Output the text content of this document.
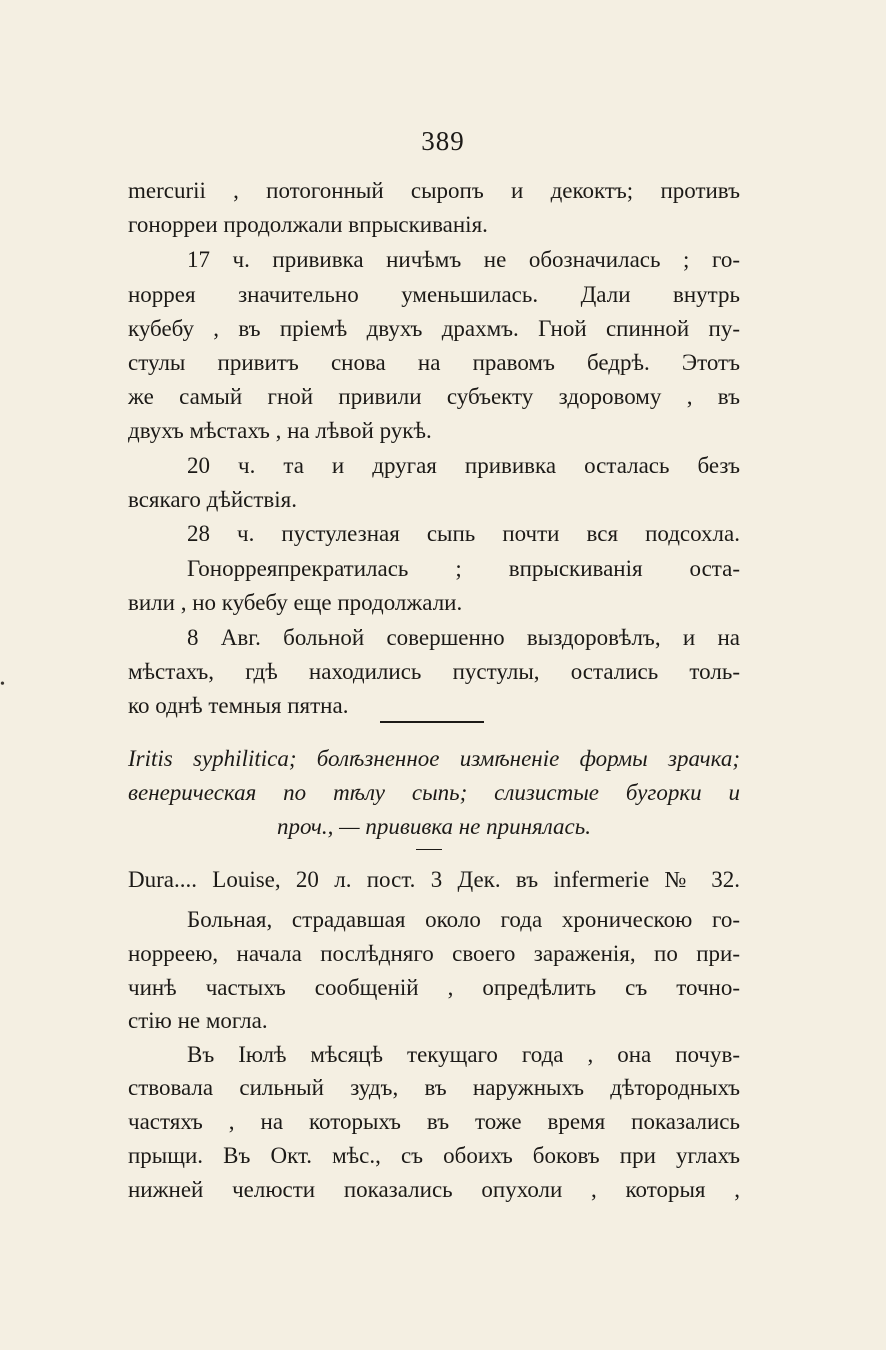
389
mercurii , потогонный сыропъ и декоктъ; противъ
гонорреи продолжали впрыскиванія.
17 ч. прививка ничѣмъ не обозначилась ; го-
норрея значительно уменьшилась. Дали внутрь
кубебу , въ пріемѣ двухъ драхмъ. Гной спинной пу-
стулы привитъ снова на правомъ бедрѣ. Этотъ
же самый гной привили субъекту здоровому , въ
двухъ мѣстахъ , на лѣвой рукѣ.
20 ч. та и другая прививка осталась безъ
всякаго дѣйствія.
28 ч. пустулезная сыпь почти вся подсохла.
Гонорреяпрекратилась ; впрыскиванія оста-
вили , но кубебу еще продолжали.
8 Авг. больной совершенно выздоровѣлъ, и на
мѣстахъ, гдѣ находились пустулы, остались толь-
ко однѣ темныя пятна.
•
Iritis syphilitica; болѣзненное измѣненіе формы зрачка;
венерическая по тѣлу сыпь; слизистые бугорки и
проч., — прививка не принялась.
Dura.... Louise, 20 л. пост. 3 Дек. въ infermerie № 32.
Больная, страдавшая около года хроническою го-
норреею, начала послѣдняго своего зараженія, по при-
чинѣ частыхъ сообщеній , опредѣлить съ точно-
стію не могла.
Въ Іюлѣ мѣсяцѣ текущаго года , она почув-
ствовала сильный зудъ, въ наружныхъ дѣтородныхъ
частяхъ , на которыхъ въ тоже время показались
прыщи. Въ Окт. мѣс., съ обоихъ боковъ при углахъ
нижней челюсти показались опухоли , которыя ,
